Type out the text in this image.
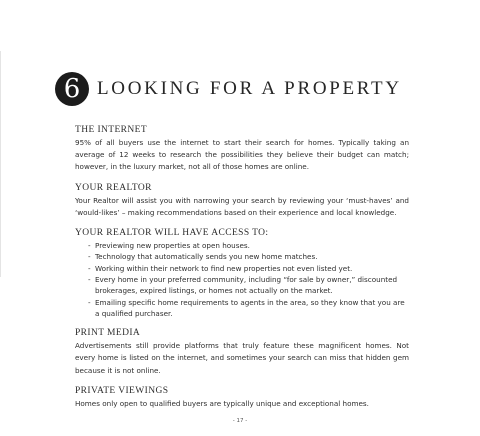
6 LOOKING FOR A PROPERTY
THE INTERNET
95% of all buyers use the internet to start their search for homes. Typically taking an average of 12 weeks to research the possibilities they believe their budget can match; however, in the luxury market, not all of those homes are online.
YOUR REALTOR
Your Realtor will assist you with narrowing your search by reviewing your ‘must-haves’ and ‘would-likes’ – making recommendations based on their experience and local knowledge.
YOUR REALTOR WILL HAVE ACCESS TO:
- Previewing new properties at open houses.
- Technology that automatically sends you new home matches.
- Working within their network to find new properties not even listed yet.
- Every home in your preferred community, including “for sale by owner,” discounted brokerages, expired listings, or homes not actually on the market.
- Emailing specific home requirements to agents in the area, so they know that you are a qualified purchaser.
PRINT MEDIA
Advertisements still provide platforms that truly feature these magnificent homes. Not every home is listed on the internet, and sometimes your search can miss that hidden gem because it is not online.
PRIVATE VIEWINGS
Homes only open to qualified buyers are typically unique and exceptional homes.
- 17 -
